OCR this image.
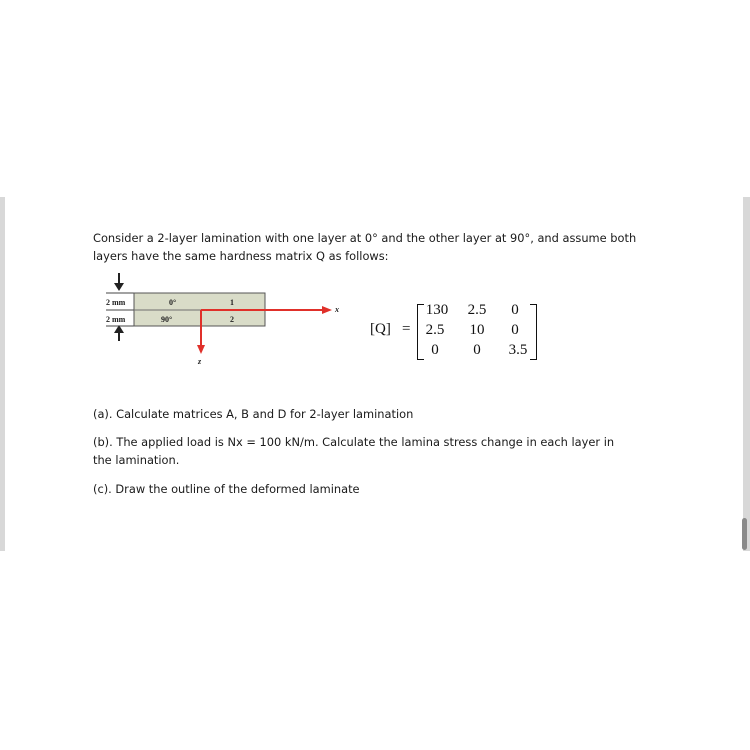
Consider a 2-layer lamination with one layer at 0° and the other layer at 90°, and assume both layers have the same hardness matrix Q as follows:

2 mm
2 mm
0°
90°
1
2
x
z
[Q] =
130	2.5	0
2.5	10	0
0	0	3.5

(a). Calculate matrices A, B and D for 2-layer lamination

(b). The applied load is Nx = 100 kN/m. Calculate the lamina stress change in each layer in the lamination.

(c). Draw the outline of the deformed laminate
